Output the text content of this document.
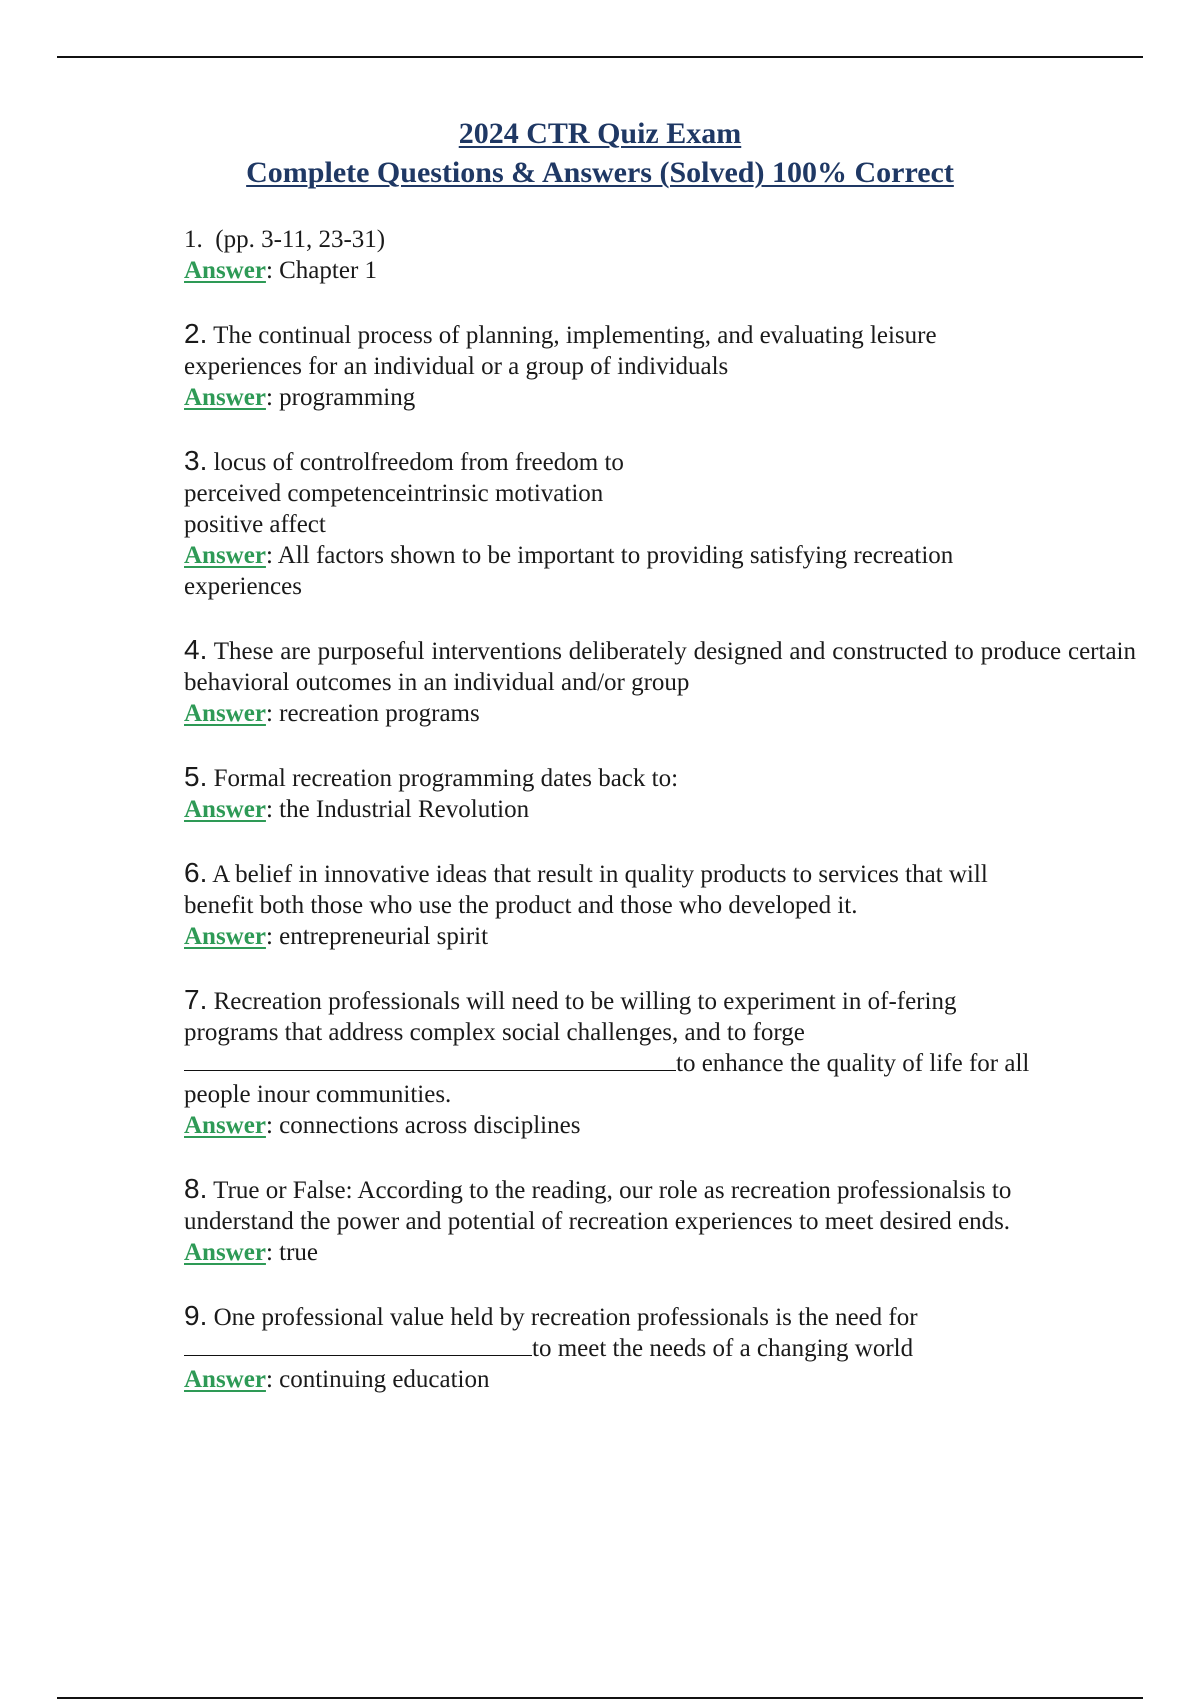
2024 CTR Quiz Exam
Complete Questions & Answers (Solved) 100% Correct
1. (pp. 3-11, 23-31)
Answer: Chapter 1
2. The continual process of planning, implementing, and evaluating leisure
experiences for an individual or a group of individuals
Answer: programming
3. locus of controlfreedom from freedom to
perceived competenceintrinsic motivation
positive affect
Answer: All factors shown to be important to providing satisfying recreation experiences
4. These are purposeful interventions deliberately designed and constructed to produce certain behavioral outcomes in an individual and/or group
Answer: recreation programs
5. Formal recreation programming dates back to:
Answer: the Industrial Revolution
6. A belief in innovative ideas that result in quality products to services that will
benefit both those who use the product and those who developed it.
Answer: entrepreneurial spirit
7. Recreation professionals will need to be willing to experiment in of-fering
programs that address complex social challenges, and to forge
to enhance the quality of life for all
people inour communities.
Answer: connections across disciplines
8. True or False: According to the reading, our role as recreation professionalsis to
understand the power and potential of recreation experiences to meet desired ends.
Answer: true
9. One professional value held by recreation professionals is the need for
to meet the needs of a changing world
Answer: continuing education
